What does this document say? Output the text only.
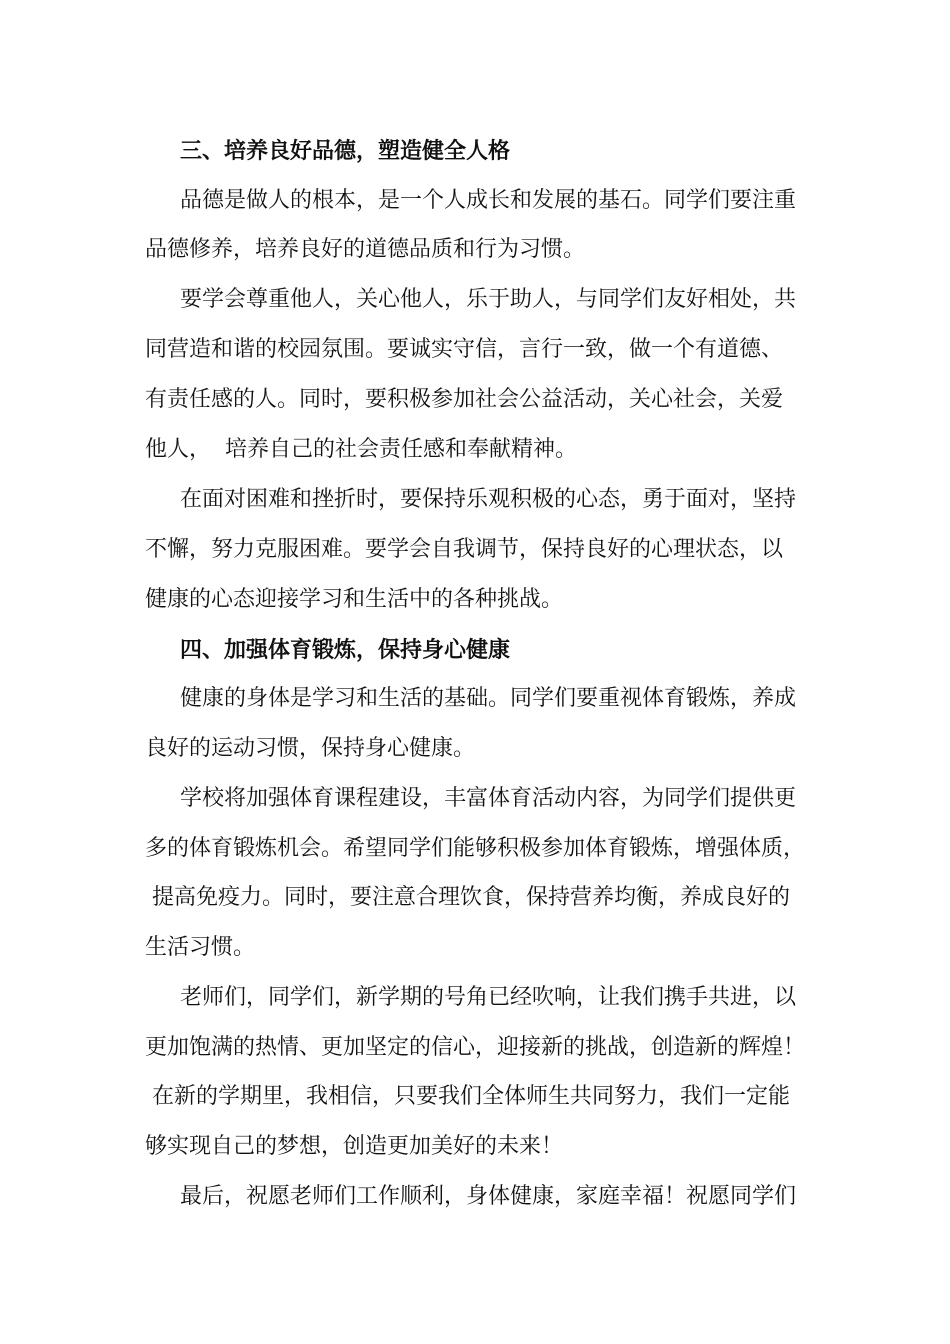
三、培养良好品德，塑造健全人格

品德是做人的根本，是一个人成长和发展的基石。同学们要注重

品德修养，培养良好的道德品质和行为习惯。

要学会尊重他人，关心他人，乐于助人，与同学们友好相处，共

同营造和谐的校园氛围。要诚实守信，言行一致，做一个有道德、

有责任感的人。同时，要积极参加社会公益活动，关心社会，关爱

他人，  培养自己的社会责任感和奉献精神。

在面对困难和挫折时，要保持乐观积极的心态，勇于面对，坚持

不懈，努力克服困难。要学会自我调节，保持良好的心理状态，以

健康的心态迎接学习和生活中的各种挑战。

四、加强体育锻炼，保持身心健康

健康的身体是学习和生活的基础。同学们要重视体育锻炼，养成

良好的运动习惯，保持身心健康。

学校将加强体育课程建设，丰富体育活动内容，为同学们提供更

多的体育锻炼机会。希望同学们能够积极参加体育锻炼，增强体质，

提高免疫力。同时，要注意合理饮食，保持营养均衡，养成良好的

生活习惯。

老师们，同学们，新学期的号角已经吹响，让我们携手共进，以

更加饱满的热情、更加坚定的信心，迎接新的挑战，创造新的辉煌！

在新的学期里，我相信，只要我们全体师生共同努力，我们一定能

够实现自己的梦想，创造更加美好的未来！

最后，祝愿老师们工作顺利，身体健康，家庭幸福！祝愿同学们
